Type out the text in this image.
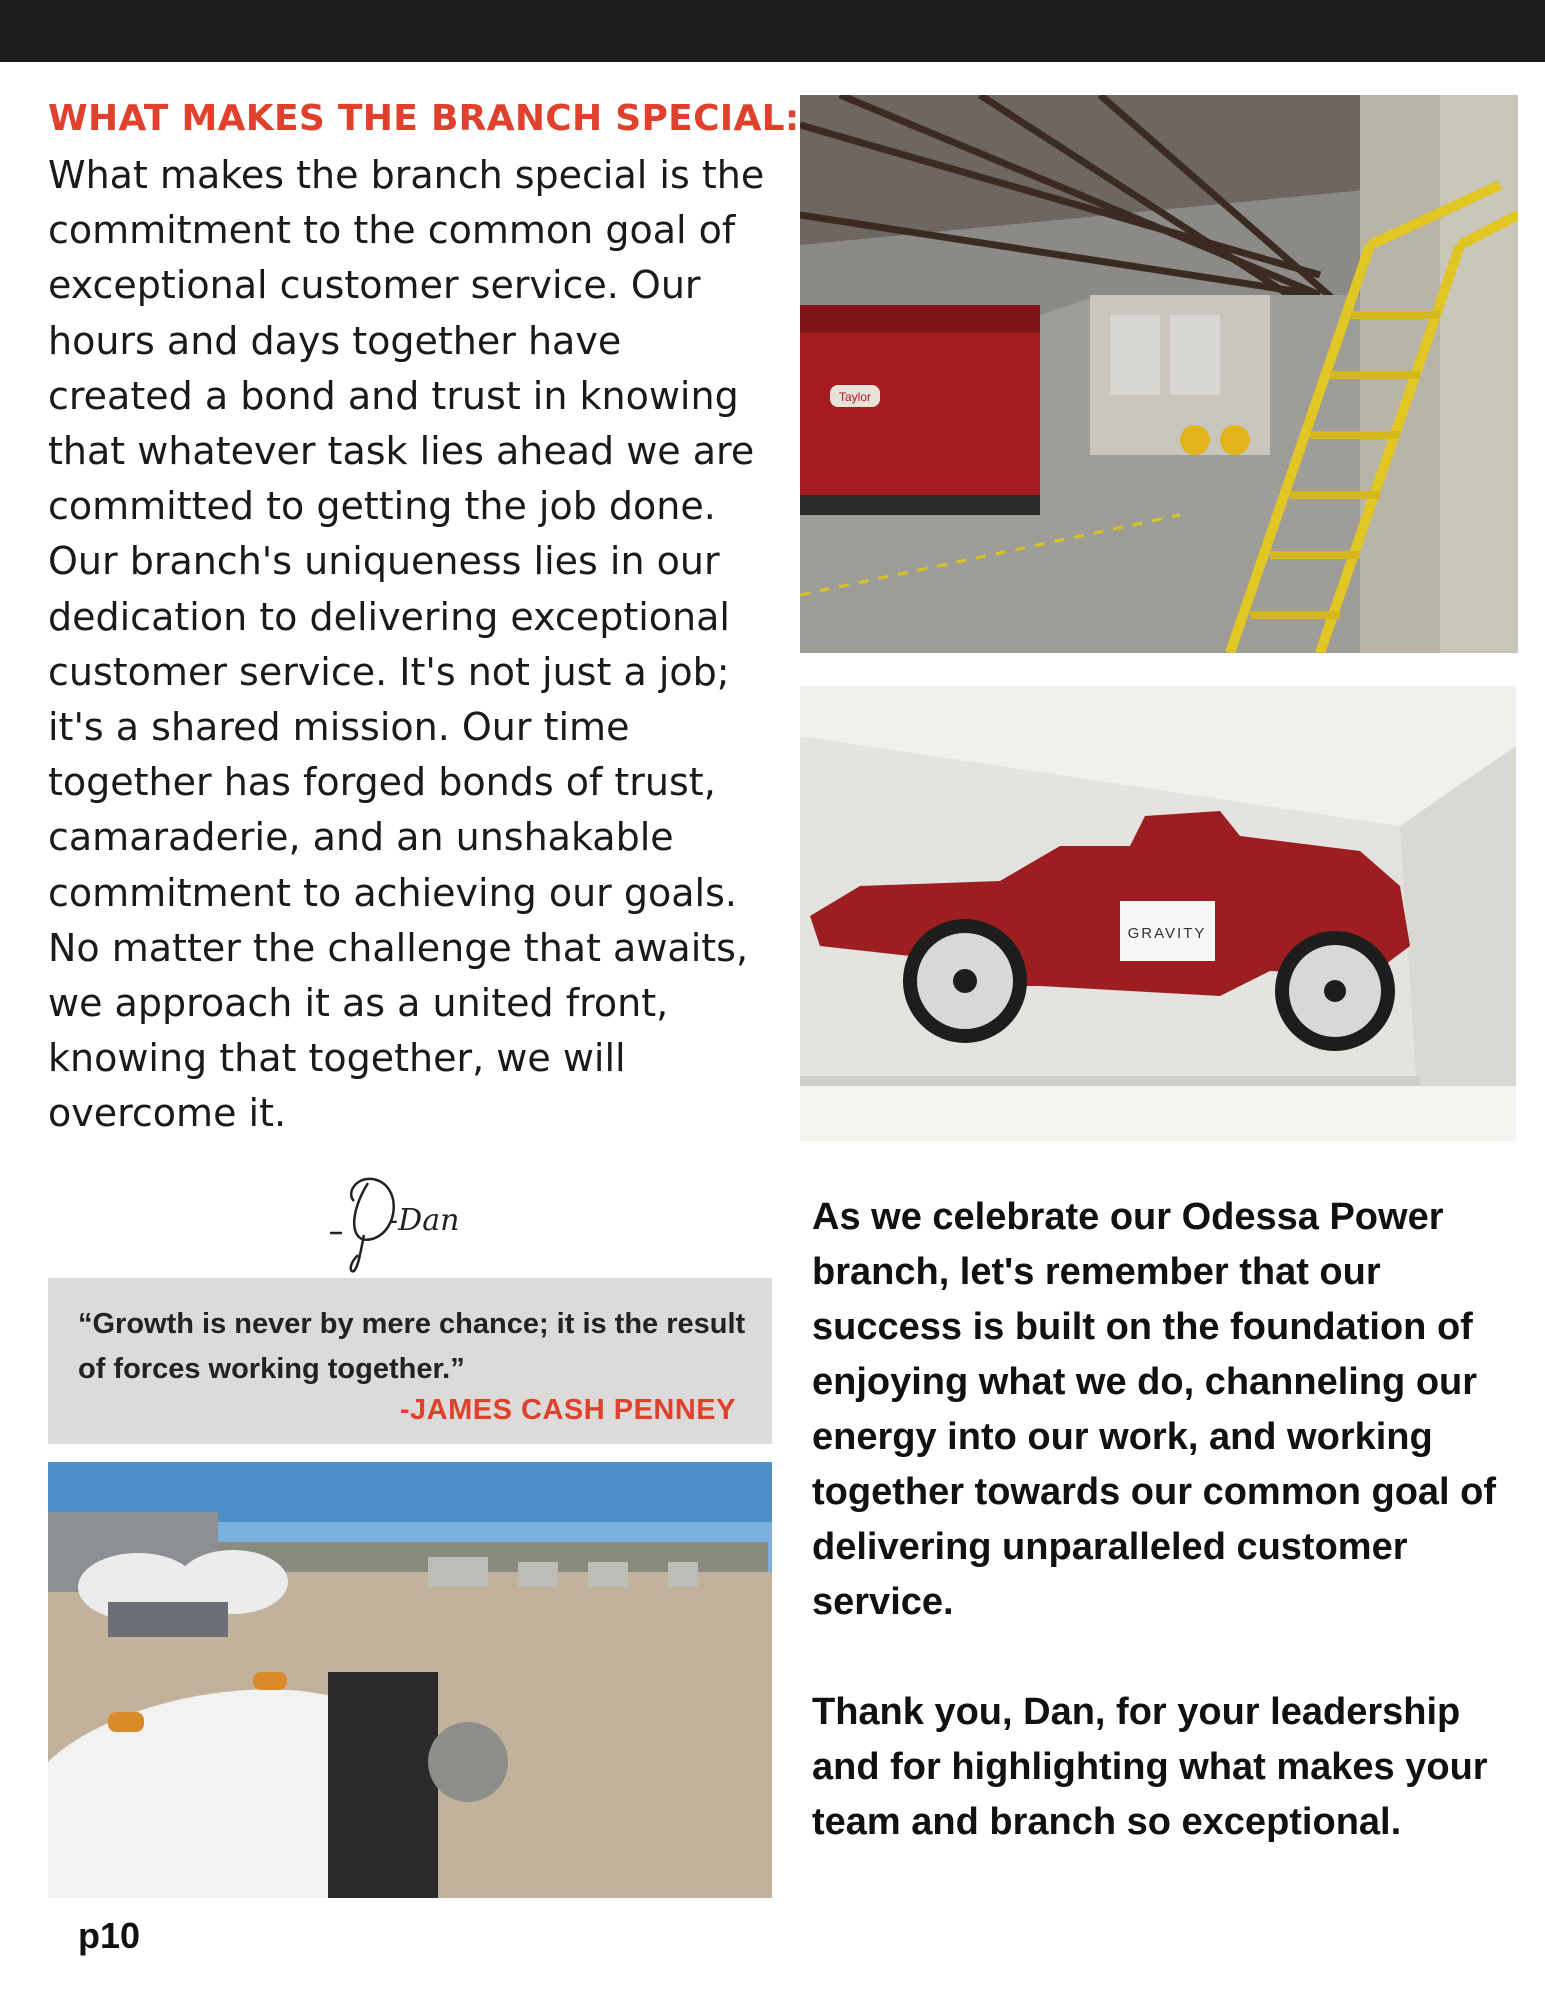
WHAT MAKES THE BRANCH SPECIAL:

What makes the branch special is the commitment to the common goal of exceptional customer service. Our hours and days together have created a bond and trust in knowing that whatever task lies ahead we are committed to getting the job done.

Our branch's uniqueness lies in our dedication to delivering exceptional customer service. It's not just a job; it's a shared mission. Our time together has forged bonds of trust, camaraderie, and an unshakable commitment to achieving our goals. No matter the challenge that awaits, we approach it as a united front, knowing that together, we will overcome it.

-Dan
“Growth is never by mere chance; it is the result of forces working together.”
-JAMES CASH PENNEY
Taylor
GRAVITY

As we celebrate our Odessa Power branch, let's remember that our success is built on the foundation of enjoying what we do, channeling our energy into our work, and working together towards our common goal of delivering unparalleled customer service.

Thank you, Dan, for your leadership and for highlighting what makes your team and branch so exceptional.

p10
